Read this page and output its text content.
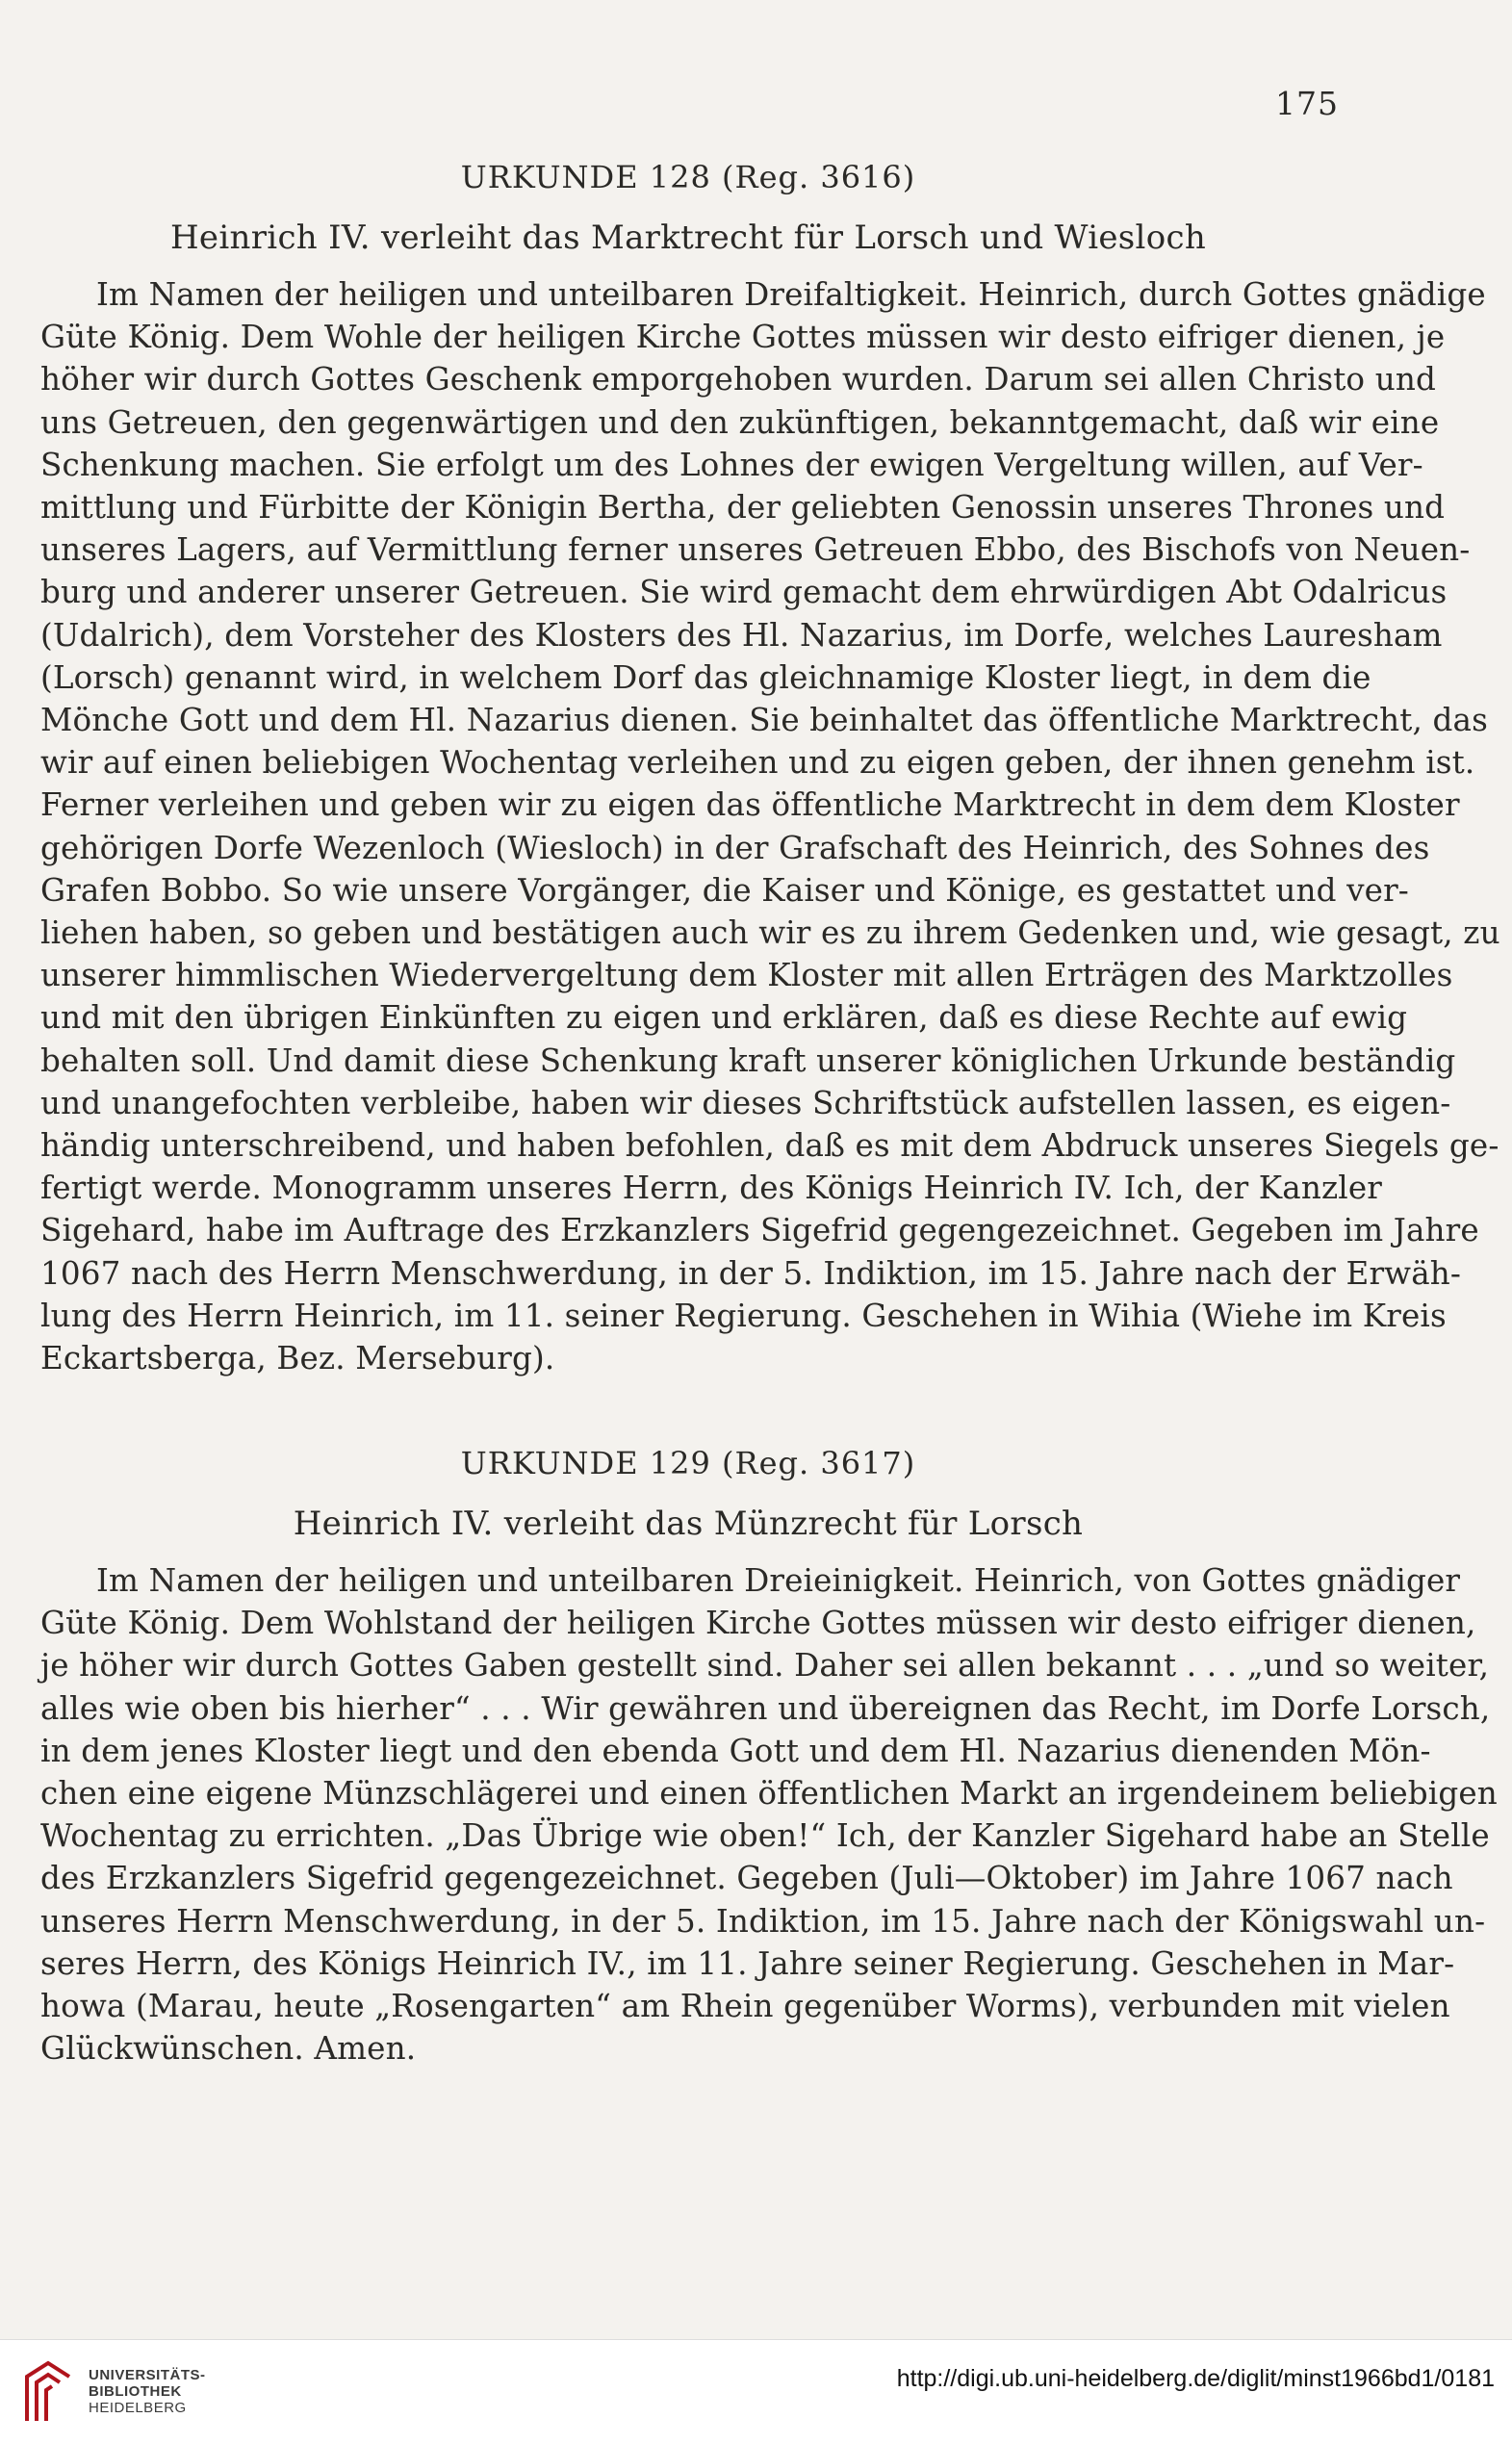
175
URKUNDE 128 (Reg. 3616)
Heinrich IV. verleiht das Marktrecht für Lorsch und Wiesloch
Im Namen der heiligen und unteilbaren Dreifaltigkeit. Heinrich, durch Gottes gnädige
Güte König. Dem Wohle der heiligen Kirche Gottes müssen wir desto eifriger dienen, je
höher wir durch Gottes Geschenk emporgehoben wurden. Darum sei allen Christo und
uns Getreuen, den gegenwärtigen und den zukünftigen, bekanntgemacht, daß wir eine
Schenkung machen. Sie erfolgt um des Lohnes der ewigen Vergeltung willen, auf Ver-
mittlung und Fürbitte der Königin Bertha, der geliebten Genossin unseres Thrones und
unseres Lagers, auf Vermittlung ferner unseres Getreuen Ebbo, des Bischofs von Neuen-
burg und anderer unserer Getreuen. Sie wird gemacht dem ehrwürdigen Abt Odalricus
(Udalrich), dem Vorsteher des Klosters des Hl. Nazarius, im Dorfe, welches Lauresham
(Lorsch) genannt wird, in welchem Dorf das gleichnamige Kloster liegt, in dem die
Mönche Gott und dem Hl. Nazarius dienen. Sie beinhaltet das öffentliche Marktrecht, das
wir auf einen beliebigen Wochentag verleihen und zu eigen geben, der ihnen genehm ist.
Ferner verleihen und geben wir zu eigen das öffentliche Marktrecht in dem dem Kloster
gehörigen Dorfe Wezenloch (Wiesloch) in der Grafschaft des Heinrich, des Sohnes des
Grafen Bobbo. So wie unsere Vorgänger, die Kaiser und Könige, es gestattet und ver-
liehen haben, so geben und bestätigen auch wir es zu ihrem Gedenken und, wie gesagt, zu
unserer himmlischen Wiedervergeltung dem Kloster mit allen Erträgen des Marktzolles
und mit den übrigen Einkünften zu eigen und erklären, daß es diese Rechte auf ewig
behalten soll. Und damit diese Schenkung kraft unserer königlichen Urkunde beständig
und unangefochten verbleibe, haben wir dieses Schriftstück aufstellen lassen, es eigen-
händig unterschreibend, und haben befohlen, daß es mit dem Abdruck unseres Siegels ge-
fertigt werde. Monogramm unseres Herrn, des Königs Heinrich IV. Ich, der Kanzler
Sigehard, habe im Auftrage des Erzkanzlers Sigefrid gegengezeichnet. Gegeben im Jahre
1067 nach des Herrn Menschwerdung, in der 5. Indiktion, im 15. Jahre nach der Erwäh-
lung des Herrn Heinrich, im 11. seiner Regierung. Geschehen in Wihia (Wiehe im Kreis
Eckartsberga, Bez. Merseburg).
URKUNDE 129 (Reg. 3617)
Heinrich IV. verleiht das Münzrecht für Lorsch
Im Namen der heiligen und unteilbaren Dreieinigkeit. Heinrich, von Gottes gnädiger
Güte König. Dem Wohlstand der heiligen Kirche Gottes müssen wir desto eifriger dienen,
je höher wir durch Gottes Gaben gestellt sind. Daher sei allen bekannt . . . „und so weiter,
alles wie oben bis hierher“ . . . Wir gewähren und übereignen das Recht, im Dorfe Lorsch,
in dem jenes Kloster liegt und den ebenda Gott und dem Hl. Nazarius dienenden Mön-
chen eine eigene Münzschlägerei und einen öffentlichen Markt an irgendeinem beliebigen
Wochentag zu errichten. „Das Übrige wie oben!“ Ich, der Kanzler Sigehard habe an Stelle
des Erzkanzlers Sigefrid gegengezeichnet. Gegeben (Juli—Oktober) im Jahre 1067 nach
unseres Herrn Menschwerdung, in der 5. Indiktion, im 15. Jahre nach der Königswahl un-
seres Herrn, des Königs Heinrich IV., im 11. Jahre seiner Regierung. Geschehen in Mar-
howa (Marau, heute „Rosengarten“ am Rhein gegenüber Worms), verbunden mit vielen
Glückwünschen. Amen.
UNIVERSITÄTS-
BIBLIOTHEK
HEIDELBERG
http://digi.ub.uni-heidelberg.de/diglit/minst1966bd1/0181
